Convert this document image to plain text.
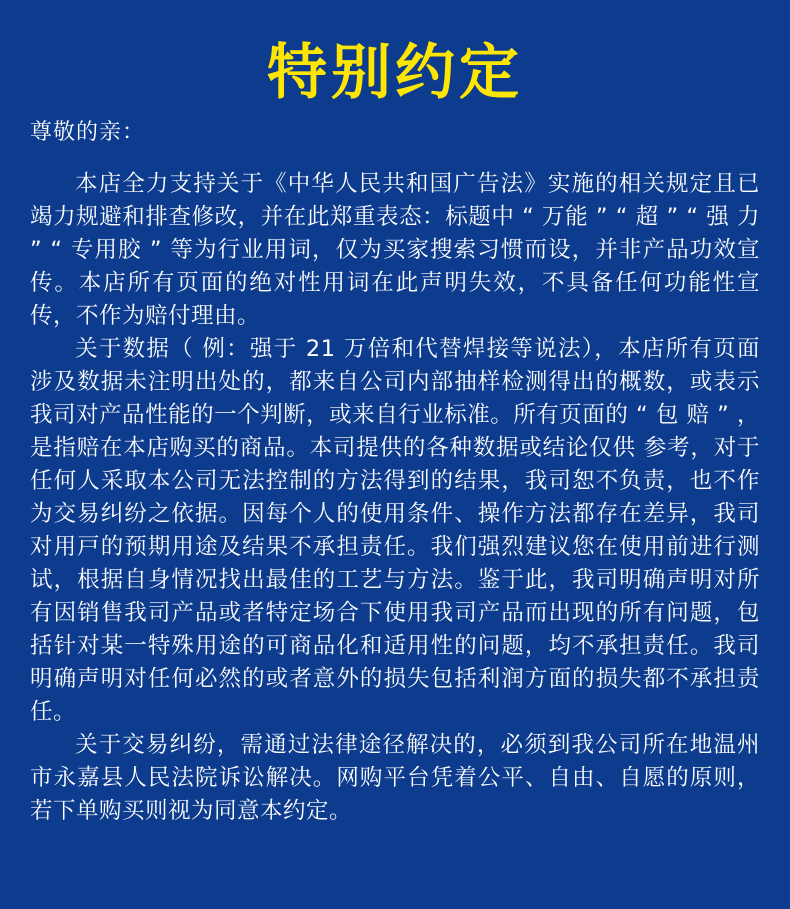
特别约定

尊敬的亲：

本店全力支持关于《中华人民共和国广告法》实施的相关规定且已竭力规避和排查修改，并在此郑重表态：标题中 “ 万能 ” “ 超 ” “ 强 力 ” “ 专用胶 ” 等为行业用词，仅为买家搜索习惯而设，并非产品功效宣传。本店所有页面的绝对性用词在此声明失效，不具备任何功能性宣传，不作为赔付理由。

关于数据（ 例：强于 21 万倍和代替焊接等说法），本店所有页面涉及数据未注明出处的，都来自公司内部抽样检测得出的概数，或表示我司对产品性能的一个判断，或来自行业标准。所有页面的 “ 包 赔 ” ，是指赔在本店购买的商品。本司提供的各种数据或结论仅供 参考，对于任何人采取本公司无法控制的方法得到的结果，我司恕不负责，也不作为交易纠纷之依据。因每个人的使用条件、操作方法都存在差异，我司对用戸的预期用途及结果不承担责任。我们强烈建议您在使用前进行测试，根据自身情况找出最佳的工艺与方法。鉴于此，我司明确声明对所有因销售我司产品或者特定场合下使用我司产品而出现的所有问题，包括针对某一特殊用途的可商品化和适用性的问题，均不承担责任。我司明确声明对任何必然的或者意外的损失包括利润方面的损失都不承担责任。

关于交易纠纷，需通过法律途径解决的，必须到我公司所在地温州市永嘉县人民法院诉讼解决。网购平台凭着公平、自由、自愿的原则，若下单购买则视为同意本约定。
